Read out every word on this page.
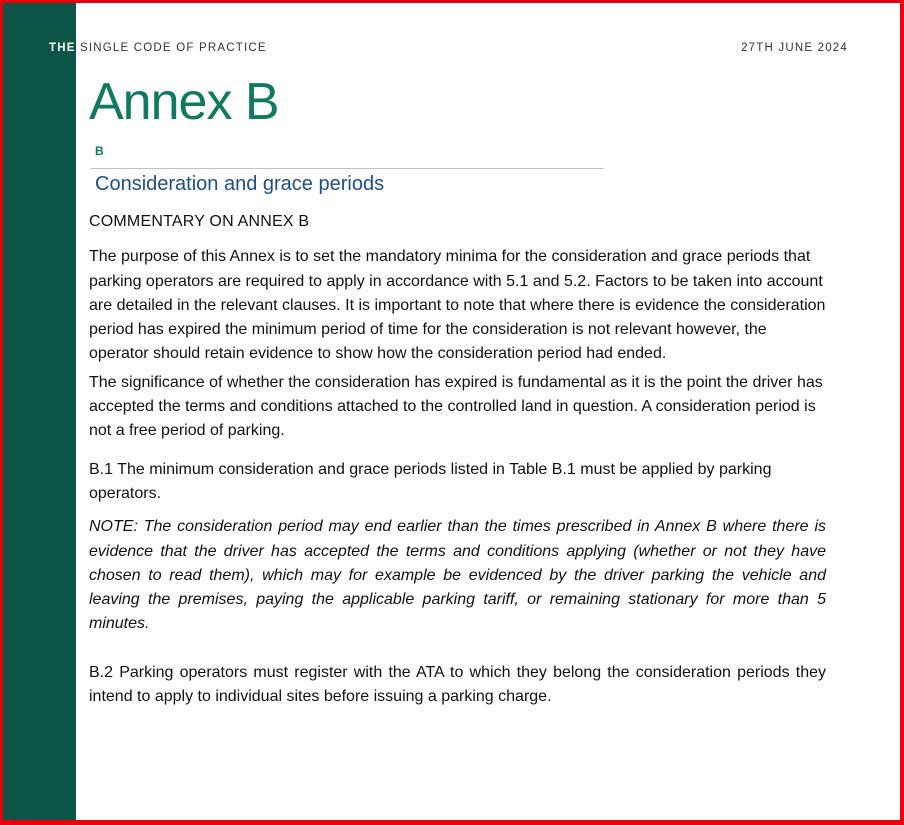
THE SINGLE CODE OF PRACTICE	27TH JUNE 2024
Annex B
B
Consideration and grace periods

COMMENTARY ON ANNEX B

The purpose of this Annex is to set the mandatory minima for the consideration and grace periods that parking operators are required to apply in accordance with 5.1 and 5.2. Factors to be taken into account are detailed in the relevant clauses. It is important to note that where there is evidence the consideration period has expired the minimum period of time for the consideration is not relevant however, the operator should retain evidence to show how the consideration period had ended.

The significance of whether the consideration has expired is fundamental as it is the point the driver has accepted the terms and conditions attached to the controlled land in question. A consideration period is not a free period of parking.

B.1 The minimum consideration and grace periods listed in Table B.1 must be applied by parking operators.

NOTE: The consideration period may end earlier than the times prescribed in Annex B where there is evidence that the driver has accepted the terms and conditions applying (whether or not they have chosen to read them), which may for example be evidenced by the driver parking the vehicle and leaving the premises, paying the applicable parking tariff, or remaining stationary for more than 5 minutes.

B.2 Parking operators must register with the ATA to which they belong the consideration periods they intend to apply to individual sites before issuing a parking charge.
